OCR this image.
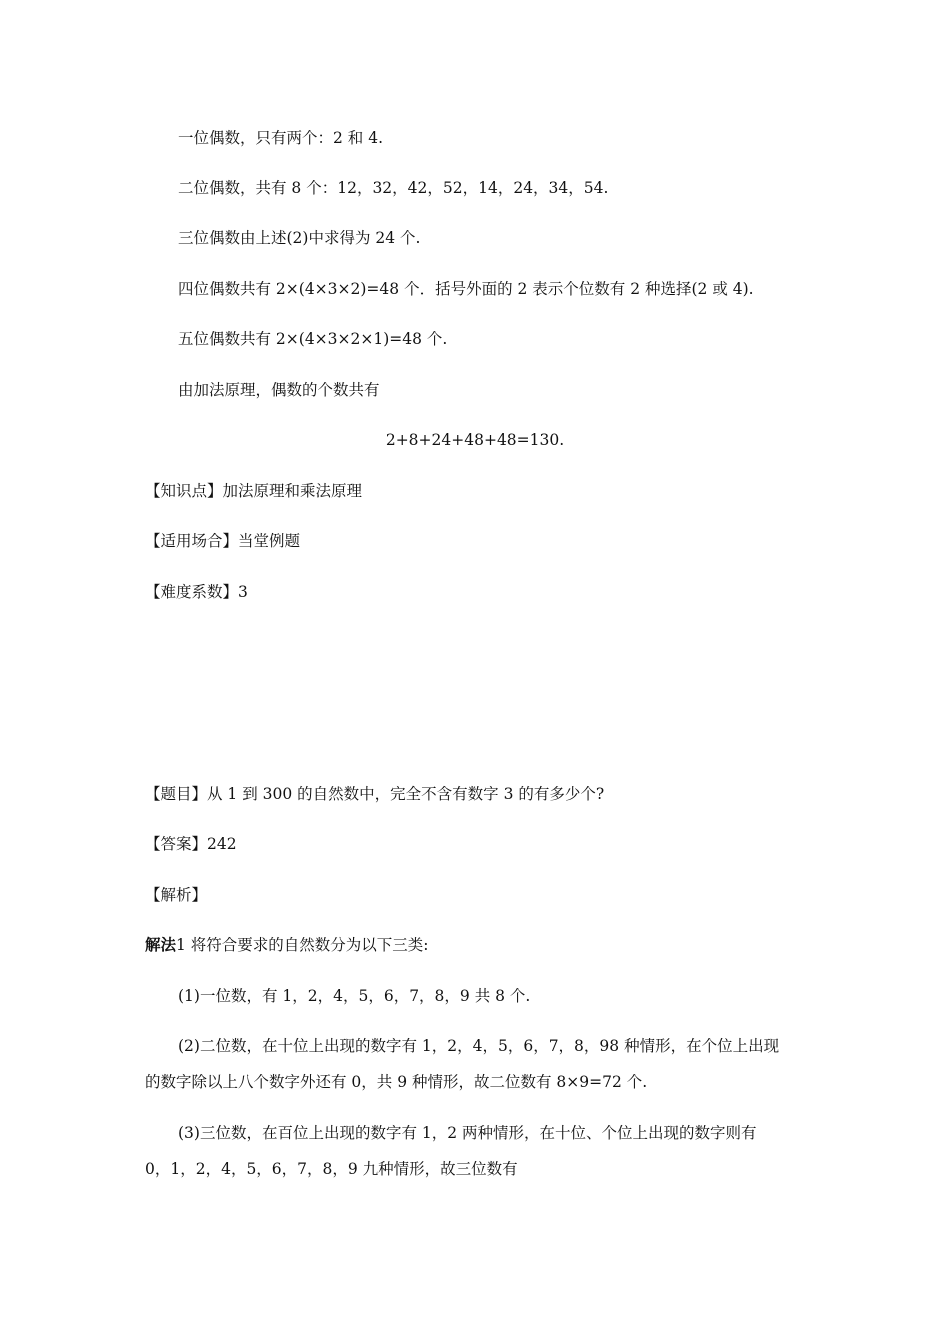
一位偶数，只有两个：2 和 4.
二位偶数，共有 8 个：12，32，42，52，14，24，34，54.
三位偶数由上述(2)中求得为 24 个.
四位偶数共有 2×(4×3×2)=48 个．括号外面的 2 表示个位数有 2 种选择(2 或 4).
五位偶数共有 2×(4×3×2×1)=48 个.
由加法原理，偶数的个数共有
2+8+24+48+48=130.
【知识点】加法原理和乘法原理
【适用场合】当堂例题
【难度系数】3
【题目】从 1 到 300 的自然数中，完全不含有数字 3 的有多少个?
【答案】242
【解析】
解法1 将符合要求的自然数分为以下三类:
(1)一位数，有 1，2，4，5，6，7，8，9 共 8 个.
(2)二位数，在十位上出现的数字有 1，2，4，5，6，7，8，98 种情形，在个位上出现
的数字除以上八个数字外还有 0，共 9 种情形，故二位数有 8×9=72 个.
(3)三位数，在百位上出现的数字有 1，2 两种情形，在十位、个位上出现的数字则有
0，1，2，4，5，6，7，8，9 九种情形，故三位数有
